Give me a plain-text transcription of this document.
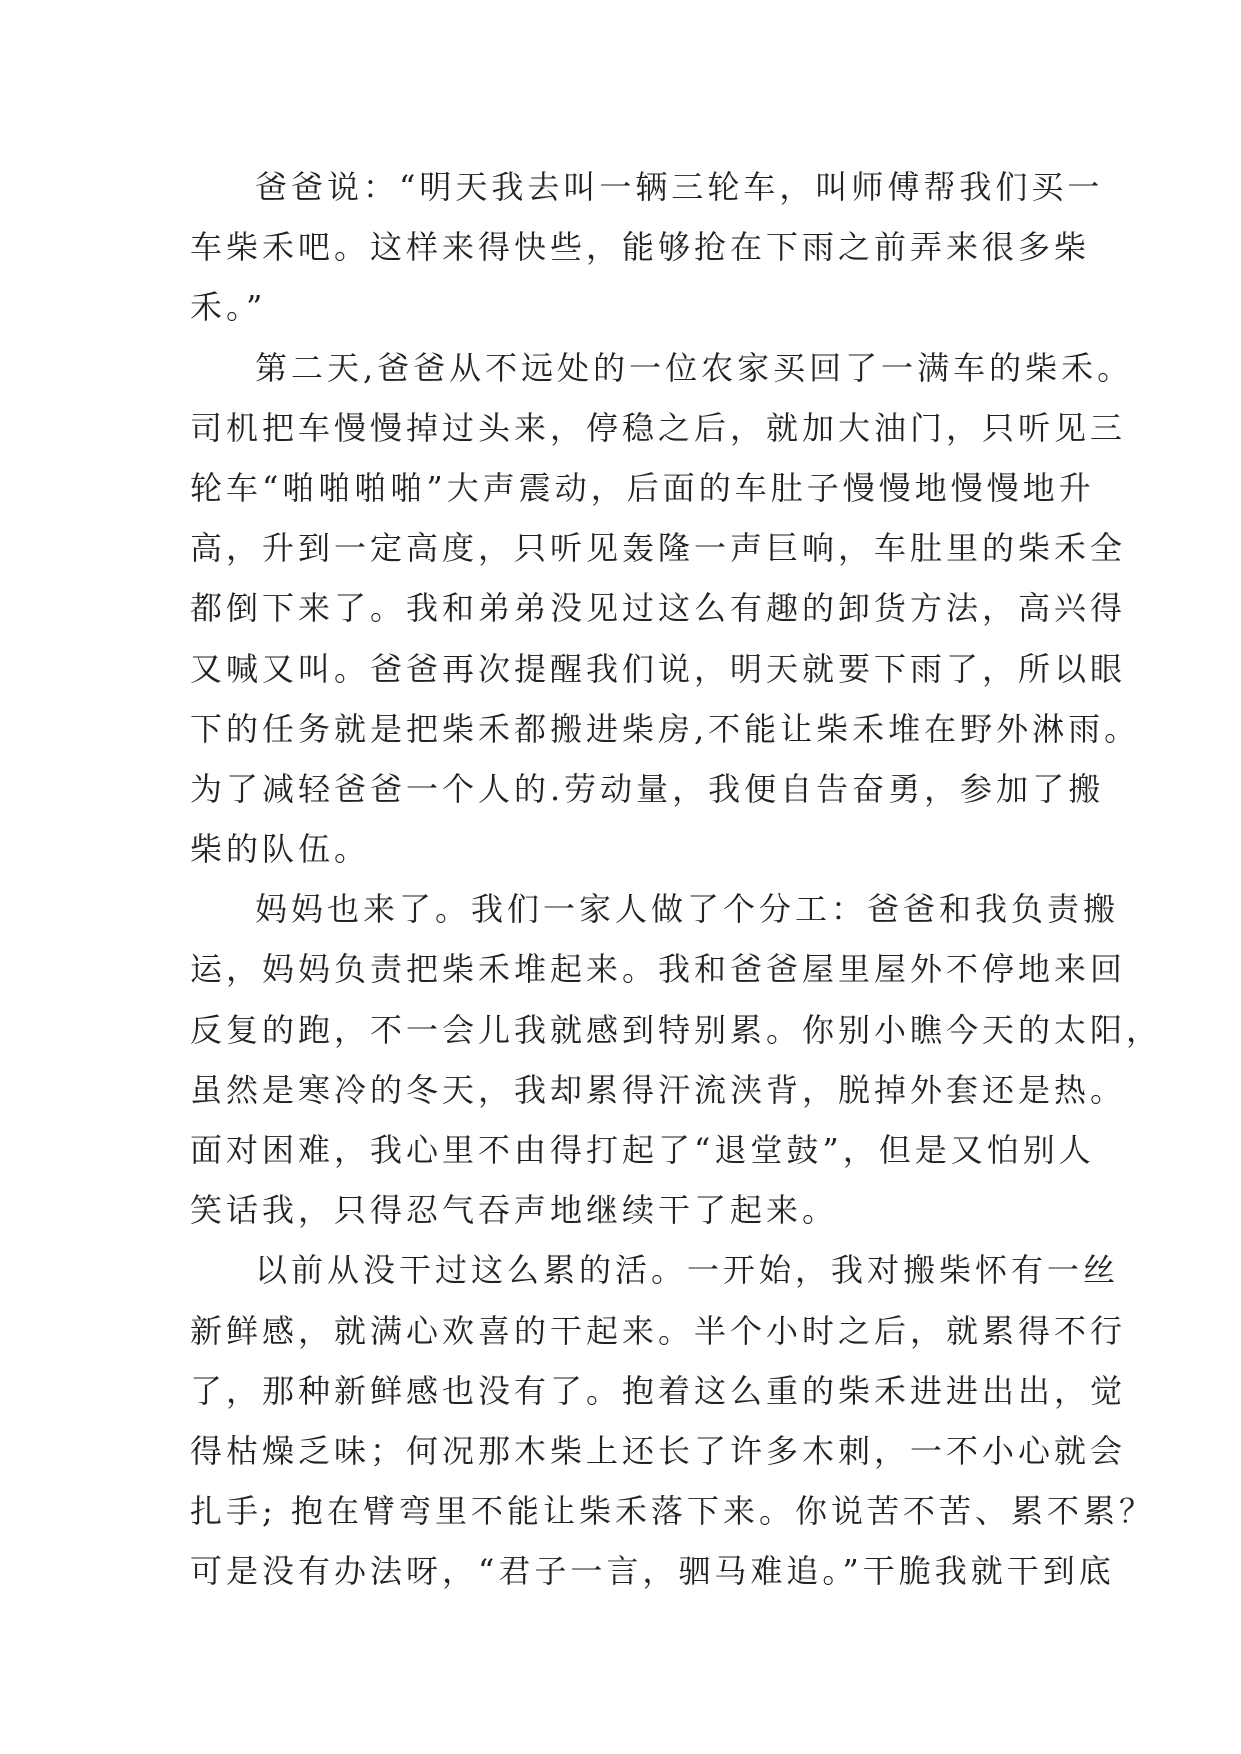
爸爸说：“明天我去叫一辆三轮车，叫师傅帮我们买一
车柴禾吧。这样来得快些，能够抢在下雨之前弄来很多柴
禾。”
第二天,爸爸从不远处的一位农家买回了一满车的柴禾。
司机把车慢慢掉过头来，停稳之后，就加大油门，只听见三
轮车“啪啪啪啪”大声震动，后面的车肚子慢慢地慢慢地升
高，升到一定高度，只听见轰隆一声巨响，车肚里的柴禾全
都倒下来了。我和弟弟没见过这么有趣的卸货方法，高兴得
又喊又叫。爸爸再次提醒我们说，明天就要下雨了，所以眼
下的任务就是把柴禾都搬进柴房,不能让柴禾堆在野外淋雨。
为了减轻爸爸一个人的.劳动量，我便自告奋勇，参加了搬
柴的队伍。
妈妈也来了。我们一家人做了个分工：爸爸和我负责搬
运，妈妈负责把柴禾堆起来。我和爸爸屋里屋外不停地来回
反复的跑，不一会儿我就感到特别累。你别小瞧今天的太阳，
虽然是寒冷的冬天，我却累得汗流浃背，脱掉外套还是热。
面对困难，我心里不由得打起了“退堂鼓”，但是又怕别人
笑话我，只得忍气吞声地继续干了起来。
以前从没干过这么累的活。一开始，我对搬柴怀有一丝
新鲜感，就满心欢喜的干起来。半个小时之后，就累得不行
了，那种新鲜感也没有了。抱着这么重的柴禾进进出出，觉
得枯燥乏味；何况那木柴上还长了许多木刺，一不小心就会
扎手; 抱在臂弯里不能让柴禾落下来。你说苦不苦、累不累？
可是没有办法呀，“君子一言，驷马难追。”干脆我就干到底
